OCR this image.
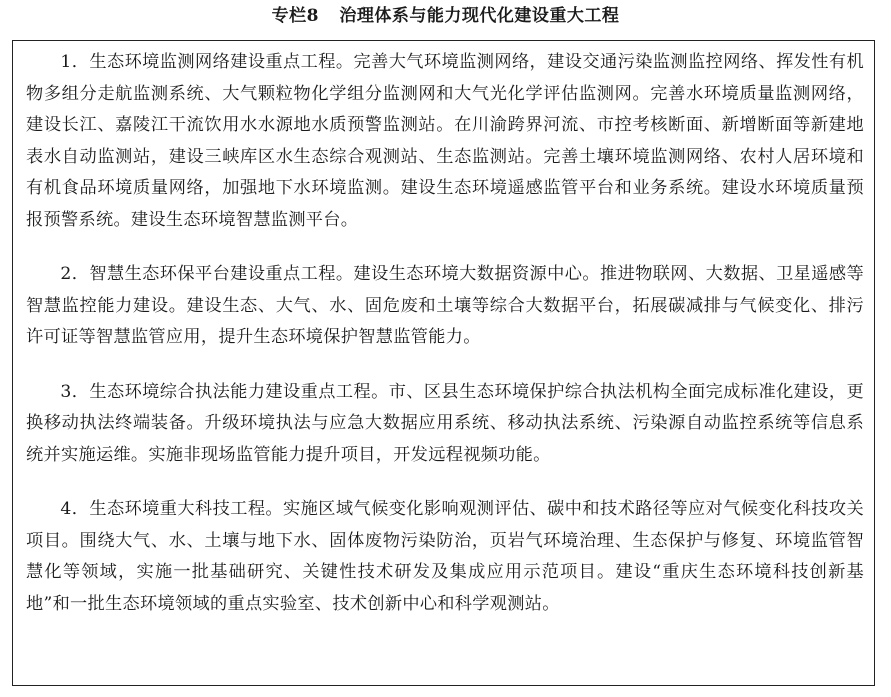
专栏8 治理体系与能力现代化建设重大工程

1．生态环境监测网络建设重点工程。完善大气环境监测网络，建设交通污染监测监控网络、挥发性有机物多组分走航监测系统、大气颗粒物化学组分监测网和大气光化学评估监测网。完善水环境质量监测网络，建设长江、嘉陵江干流饮用水水源地水质预警监测站。在川渝跨界河流、市控考核断面、新增断面等新建地表水自动监测站，建设三峡库区水生态综合观测站、生态监测站。完善土壤环境监测网络、农村人居环境和有机食品环境质量网络，加强地下水环境监测。建设生态环境遥感监管平台和业务系统。建设水环境质量预报预警系统。建设生态环境智慧监测平台。

2．智慧生态环保平台建设重点工程。建设生态环境大数据资源中心。推进物联网、大数据、卫星遥感等智慧监控能力建设。建设生态、大气、水、固危废和土壤等综合大数据平台，拓展碳减排与气候变化、排污许可证等智慧监管应用，提升生态环境保护智慧监管能力。

3．生态环境综合执法能力建设重点工程。市、区县生态环境保护综合执法机构全面完成标准化建设，更换移动执法终端装备。升级环境执法与应急大数据应用系统、移动执法系统、污染源自动监控系统等信息系统并实施运维。实施非现场监管能力提升项目，开发远程视频功能。

4．生态环境重大科技工程。实施区域气候变化影响观测评估、碳中和技术路径等应对气候变化科技攻关项目。围绕大气、水、土壤与地下水、固体废物污染防治，页岩气环境治理、生态保护与修复、环境监管智慧化等领域，实施一批基础研究、关键性技术研发及集成应用示范项目。建设“重庆生态环境科技创新基地”和一批生态环境领域的重点实验室、技术创新中心和科学观测站。
